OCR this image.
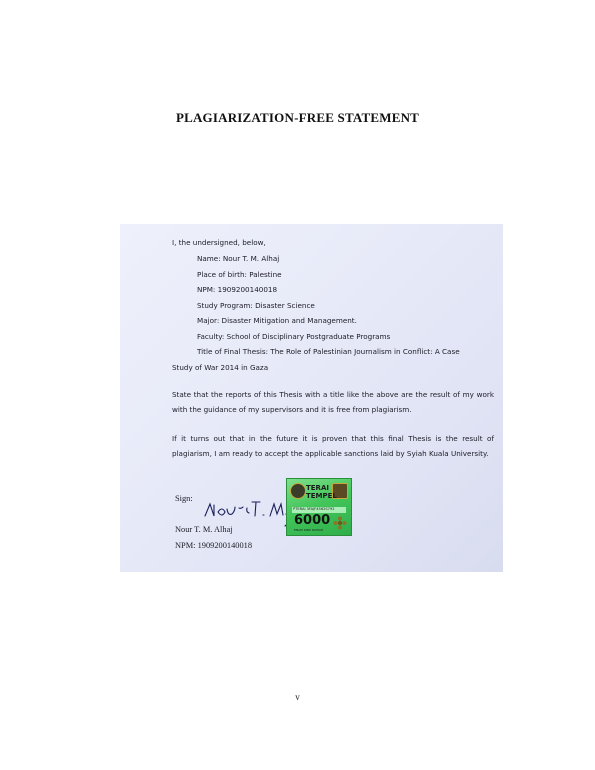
PLAGIARIZATION-FREE STATEMENT
I, the undersigned, below,
Name: Nour T. M. Alhaj
Place of birth: Palestine
NPM: 1909200140018
Study Program: Disaster Science
Major: Disaster Mitigation and Management.
Faculty: School of Disciplinary Postgraduate Programs
Title of Final Thesis: The Role of Palestinian Journalism in Conflict: A Case
Study of War 2014 in Gaza
State that the reports of this Thesis with a title like the above are the result of my work with the guidance of my supervisors and it is free from plagiarism.
If it turns out that in the future it is proven that this final Thesis is the result of plagiarism, I am ready to accept the applicable sanctions laid by Syiah Kuala University.
Sign:
TERAI
TEMPEL
PTERAI 3FAJF4562S792
6000
ENAM RIBU RUPIAH
Nour T. M. Alhaj
NPM: 1909200140018
v
